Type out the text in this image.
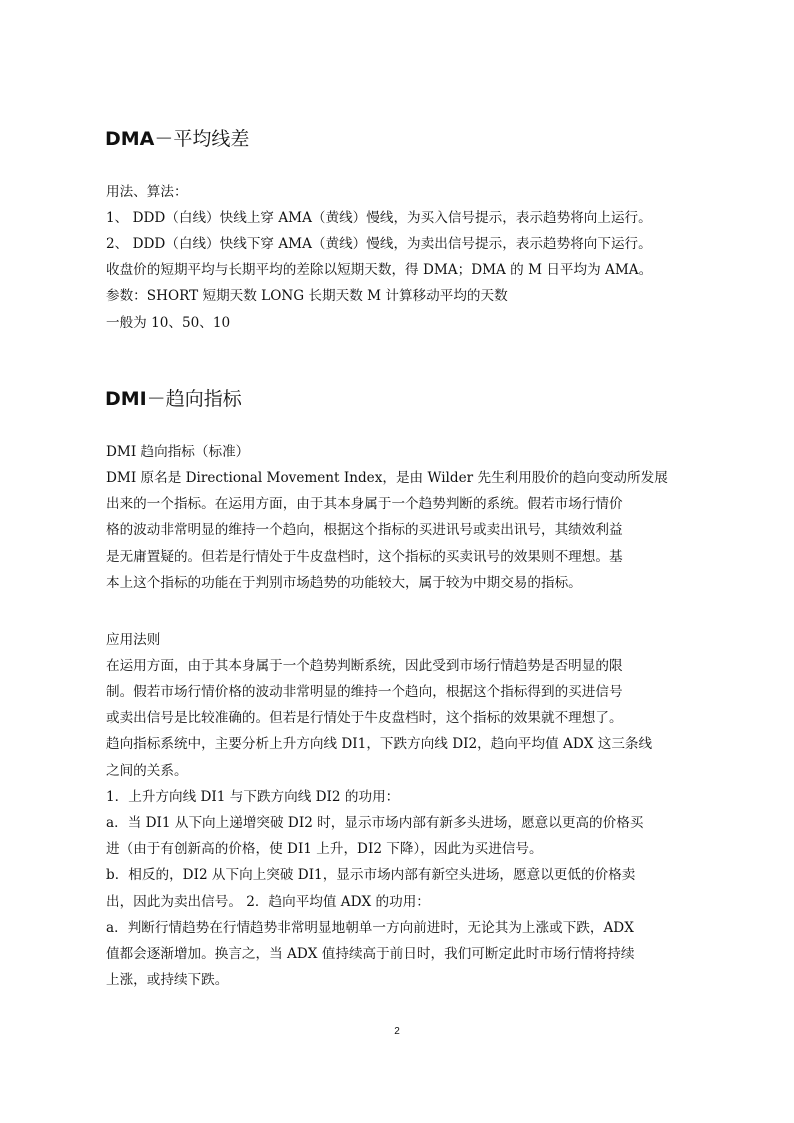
DMA－平均线差
用法、算法：
1、 DDD（白线）快线上穿 AMA（黄线）慢线，为买入信号提示，表示趋势将向上运行。
2、 DDD（白线）快线下穿 AMA（黄线）慢线，为卖出信号提示，表示趋势将向下运行。
收盘价的短期平均与长期平均的差除以短期天数，得 DMA；DMA 的 M 日平均为 AMA。
参数：SHORT 短期天数 LONG 长期天数 M 计算移动平均的天数
一般为 10、50、10
DMI－趋向指标
DMI 趋向指标（标准）
DMI 原名是 Directional Movement Index，是由 Wilder 先生利用股价的趋向变动所发展
出来的一个指标。在运用方面，由于其本身属于一个趋势判断的系统。假若市场行情价
格的波动非常明显的维持一个趋向，根据这个指标的买进讯号或卖出讯号，其绩效利益
是无庸置疑的。但若是行情处于牛皮盘档时，这个指标的买卖讯号的效果则不理想。基
本上这个指标的功能在于判别市场趋势的功能较大，属于较为中期交易的指标。
应用法则
在运用方面，由于其本身属于一个趋势判断系统，因此受到市场行情趋势是否明显的限
制。假若市场行情价格的波动非常明显的维持一个趋向，根据这个指标得到的买进信号
或卖出信号是比较准确的。但若是行情处于牛皮盘档时，这个指标的效果就不理想了。
趋向指标系统中，主要分析上升方向线 DI1，下跌方向线 DI2，趋向平均值 ADX 这三条线
之间的关系。
1．上升方向线 DI1 与下跌方向线 DI2 的功用：
a．当 DI1 从下向上递增突破 DI2 时，显示市场内部有新多头进场，愿意以更高的价格买
进（由于有创新高的价格，使 DI1 上升，DI2 下降），因此为买进信号。
b．相反的，DI2 从下向上突破 DI1，显示市场内部有新空头进场，愿意以更低的价格卖
出，因此为卖出信号。 2．趋向平均值 ADX 的功用：
a．判断行情趋势在行情趋势非常明显地朝单一方向前进时，无论其为上涨或下跌，ADX
值都会逐渐增加。换言之，当 ADX 值持续高于前日时，我们可断定此时市场行情将持续
上涨，或持续下跌。
2
